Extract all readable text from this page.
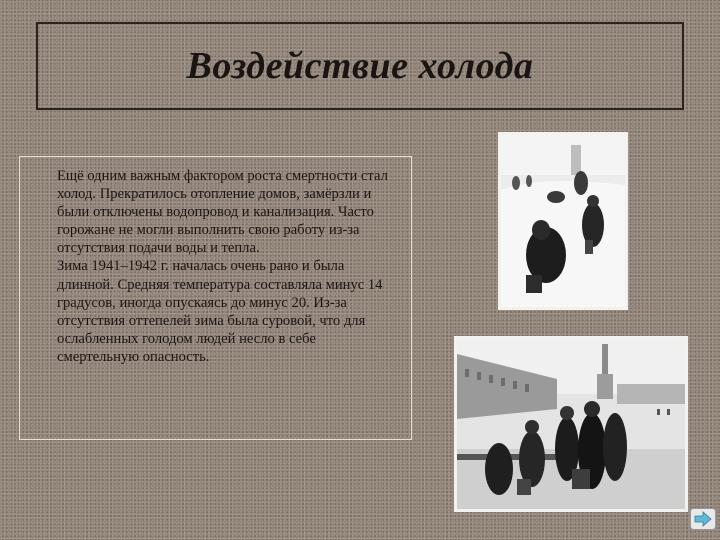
Воздействие холода

Ещё одним важным фактором роста смертности стал холод. Прекратилось отопление домов, замёрзли и были отключены водопровод и канализация. Часто горожане не могли выполнить свою работу из-за отсутствия подачи воды и тепла.

Зима 1941–1942 г. началась очень рано и была длинной. Средняя температура составляла минус 14 градусов, иногда опускаясь до минус 20. Из-за отсутствия оттепелей зима была суровой, что для ослабленных голодом людей несло в себе смертельную опасность.
